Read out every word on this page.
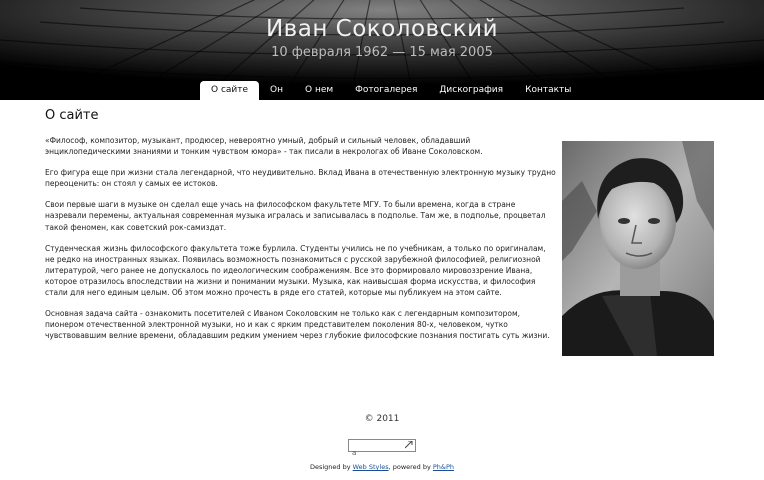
Иван Соколовский
10 февраля 1962 — 15 мая 2005
О сайте	Он	О нем	Фотогалерея	Дискография	Контакты
О сайте

«Философ, композитор, музыкант, продюсер, невероятно умный, добрый и сильный человек, обладавший энциклопедическими знаниями и тонким чувством юмора» - так писали в некрологах об Иване Соколовском.

Его фигура еще при жизни стала легендарной, что неудивительно. Вклад Ивана в отечественную электронную музыку трудно переоценить: он стоял у самых ее истоков.

Свои первые шаги в музыке он сделал еще учась на философском факультете МГУ. То были времена, когда в стране назревали перемены, актуальная современная музыка игралась и записывалась в подполье. Там же, в подполье, процветал такой феномен, как советский рок-самиздат.

Студенческая жизнь философского факультета тоже бурлила. Студенты учились не по учебникам, а только по оригиналам, не редко на иностранных языках. Появилась возможность познакомиться с русской зарубежной философией, религиозной литературой, чего ранее не допускалось по идеологическим соображениям. Все это формировало мировоззрение Ивана, которое отразилось впоследствии на жизни и понимании музыки. Музыка, как наивысшая форма искусства, и философия стали для него единым целым. Об этом можно прочесть в ряде его статей, которые мы публикуем на этом сайте.

Основная задача сайта - ознакомить посетителей с Иваном Соколовским не только как с легендарным композитором, пионером отечественной электронной музыки, но и как с ярким представителем поколения 80-х, человеком, чутко чувствовавшим велние времени, обладавшим редким умением через глубокие философские познания постигать суть жизни.

© 2011
а
Designed by Web Styles, powered by Ph&Ph
